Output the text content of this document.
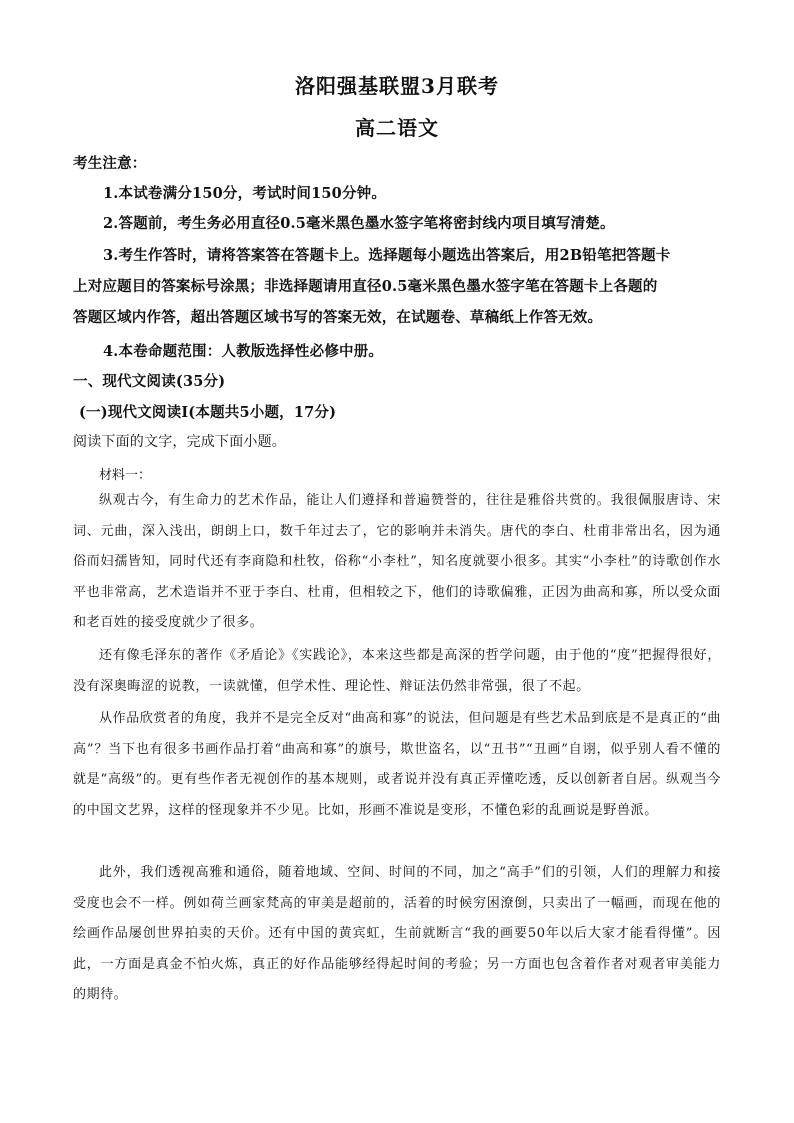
洛阳强基联盟3月联考
高二语文
考生注意：
1.本试卷满分150分，考试时间150分钟。
2.答题前，考生务必用直径0.5毫米黑色墨水签字笔将密封线内项目填写清楚。
3.考生作答时，请将答案答在答题卡上。选择题每小题选出答案后，用2B铅笔把答题卡
上对应题目的答案标号涂黑；非选择题请用直径0.5毫米黑色墨水签字笔在答题卡上各题的
答题区域内作答，超出答题区域书写的答案无效，在试题卷、草稿纸上作答无效。
4.本卷命题范围：人教版选择性必修中册。
一、现代文阅读(35分)
(一)现代文阅读Ⅰ(本题共5小题，17分)
阅读下面的文字，完成下面小题。
材料一：

纵观古今，有生命力的艺术作品，能让人们遵择和普遍赞誉的，往往是雅俗共赏的。我很佩服唐诗、宋词、元曲，深入浅出，朗朗上口，数千年过去了，它的影响并未消失。唐代的李白、杜甫非常出名，因为通俗而妇孺皆知，同时代还有李商隐和杜牧，俗称“小李杜”，知名度就要小很多。其实“小李杜”的诗歌创作水平也非常高，艺术造诣并不亚于李白、杜甫，但相较之下，他们的诗歌偏雅，正因为曲高和寡，所以受众面和老百姓的接受度就少了很多。

还有像毛泽东的著作《矛盾论》《实践论》，本来这些都是高深的哲学问题，由于他的“度”把握得很好，没有深奥晦涩的说教，一读就懂，但学术性、理论性、辩证法仍然非常强，很了不起。

从作品欣赏者的角度，我并不是完全反对“曲高和寡”的说法，但问题是有些艺术品到底是不是真正的“曲高”？当下也有很多书画作品打着“曲高和寡”的旗号，欺世盗名，以“丑书”“丑画”自诩，似乎别人看不懂的就是“高级”的。更有些作者无视创作的基本规则，或者说并没有真正弄懂吃透，反以创新者自居。纵观当今的中国文艺界，这样的怪现象并不少见。比如，形画不准说是变形，不懂色彩的乱画说是野兽派。

此外，我们透视高雅和通俗，随着地域、空间、时间的不同，加之“高手”们的引领，人们的理解力和接受度也会不一样。例如荷兰画家梵高的审美是超前的，活着的时候穷困潦倒，只卖出了一幅画，而现在他的绘画作品屡创世界拍卖的天价。还有中国的黄宾虹，生前就断言“我的画要50年以后大家才能看得懂”。因此，一方面是真金不怕火炼，真正的好作品能够经得起时间的考验；另一方面也包含着作者对观者审美能力的期待。
